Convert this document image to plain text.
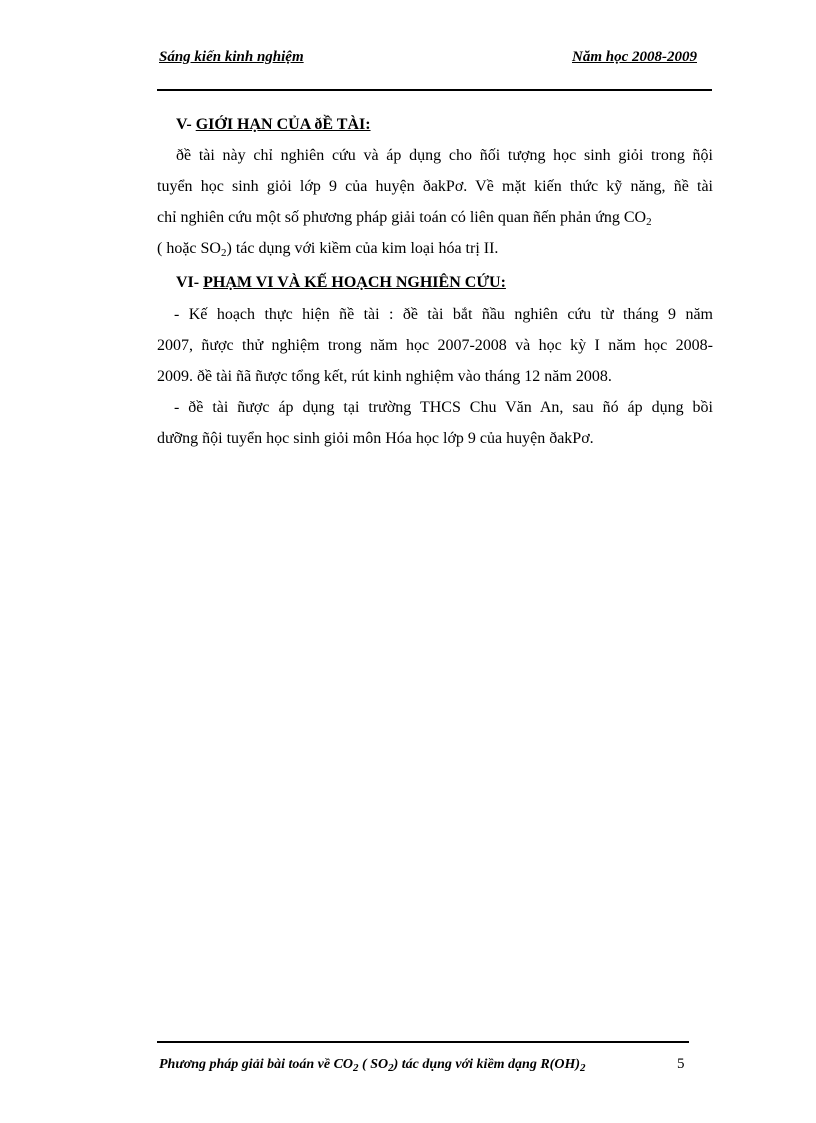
Sáng kiến kinh nghiệm	Năm học 2008-2009
V- GIỚI HẠN CỦA ðỀ TÀI:
ðề tài này chỉ nghiên cứu và áp dụng cho ñối tượng học sinh giỏi trong ñội
tuyển học sinh giỏi lớp 9 của huyện ðakPơ. Về mặt kiến thức kỹ năng, ñề tài
chỉ nghiên cứu một số phương pháp giải toán có liên quan ñến phản ứng $CO_2$
( hoặc $SO_2$) tác dụng với kiềm của kim loại hóa trị II.
VI- PHẠM VI VÀ KẾ HOẠCH NGHIÊN CỨU:
- Kế hoạch thực hiện ñề tài : ðề tài bắt ñầu nghiên cứu từ tháng 9 năm
2007, ñược thử nghiệm trong năm học 2007-2008 và học kỳ I năm học 2008-
2009. ðề tài ñã ñược tổng kết, rút kinh nghiệm vào tháng 12 năm 2008.
- ðề tài ñược áp dụng tại trường THCS Chu Văn An, sau ñó áp dụng bồi
dưỡng ñội tuyển học sinh giỏi môn Hóa học lớp 9 của huyện ðakPơ.
Phương pháp giải bài toán về $CO_2$ ( $SO_2$) tác dụng với kiềm dạng $R(OH)_2$	5
